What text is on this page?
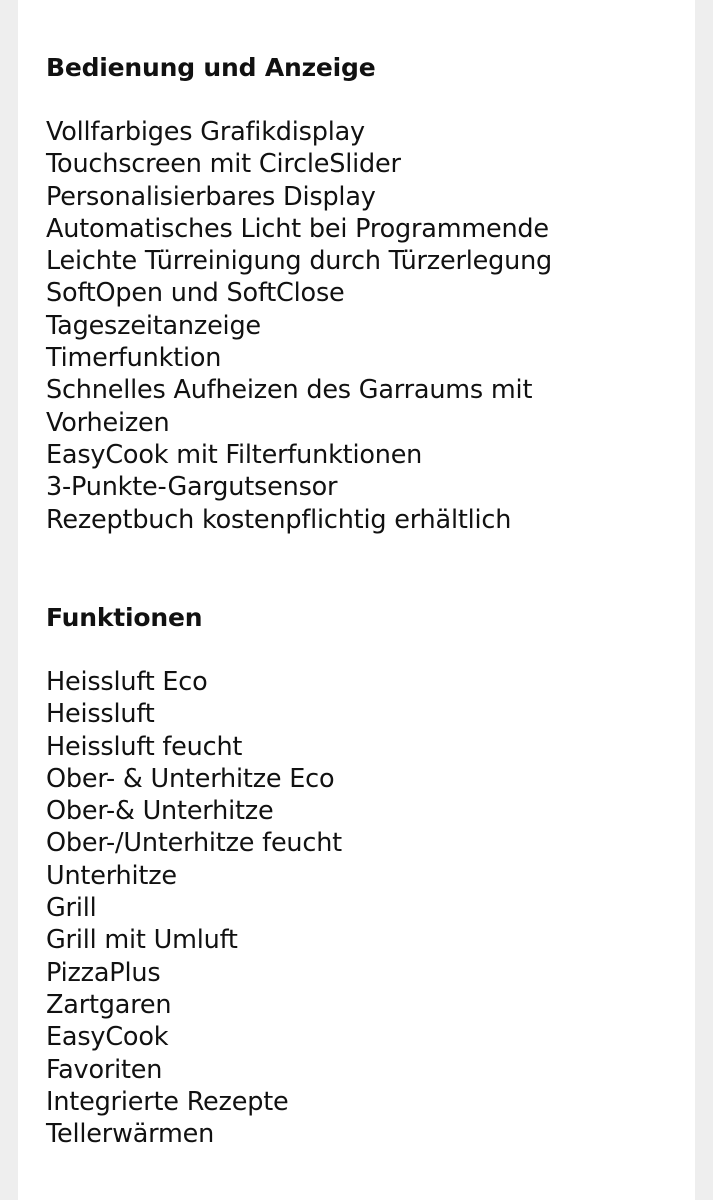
Bedienung und Anzeige
Vollfarbiges Grafikdisplay
Touchscreen mit CircleSlider
Personalisierbares Display
Automatisches Licht bei Programmende
Leichte Türreinigung durch Türzerlegung
SoftOpen und SoftClose
Tageszeitanzeige
Timerfunktion
Schnelles Aufheizen des Garraums mit Vorheizen
EasyCook mit Filterfunktionen
3-Punkte-Gargutsensor
Rezeptbuch kostenpflichtig erhältlich
Funktionen
Heissluft Eco
Heissluft
Heissluft feucht
Ober- & Unterhitze Eco
Ober-& Unterhitze
Ober-/Unterhitze feucht
Unterhitze
Grill
Grill mit Umluft
PizzaPlus
Zartgaren
EasyCook
Favoriten
Integrierte Rezepte
Tellerwärmen
